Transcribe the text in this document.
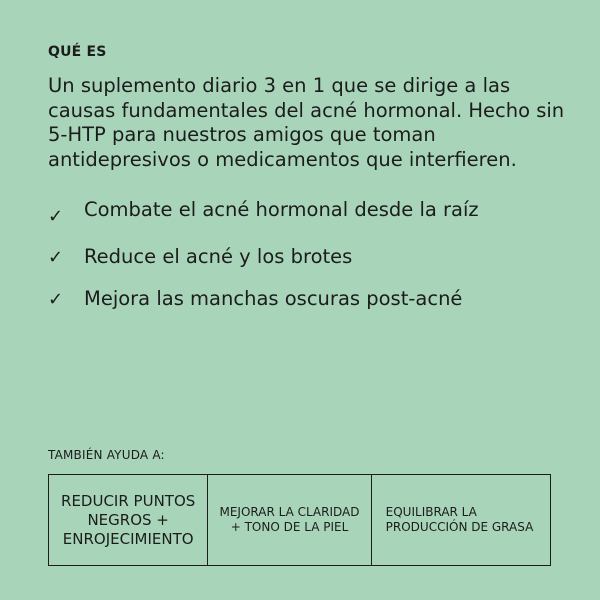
QUÉ ES

Un suplemento diario 3 en 1 que se dirige a las causas fundamentales del acné hormonal. Hecho sin 5-HTP para nuestros amigos que toman antidepresivos o medicamentos que interfieren.

✓ Combate el acné hormonal desde la raíz
✓ Reduce el acné y los brotes
✓ Mejora las manchas oscuras post-acné
TAMBIÉN AYUDA A:
REDUCIR PUNTOS NEGROS + ENROJECIMIENTO
MEJORAR LA CLARIDAD + TONO DE LA PIEL
EQUILIBRAR LA PRODUCCIÓN DE GRASA
